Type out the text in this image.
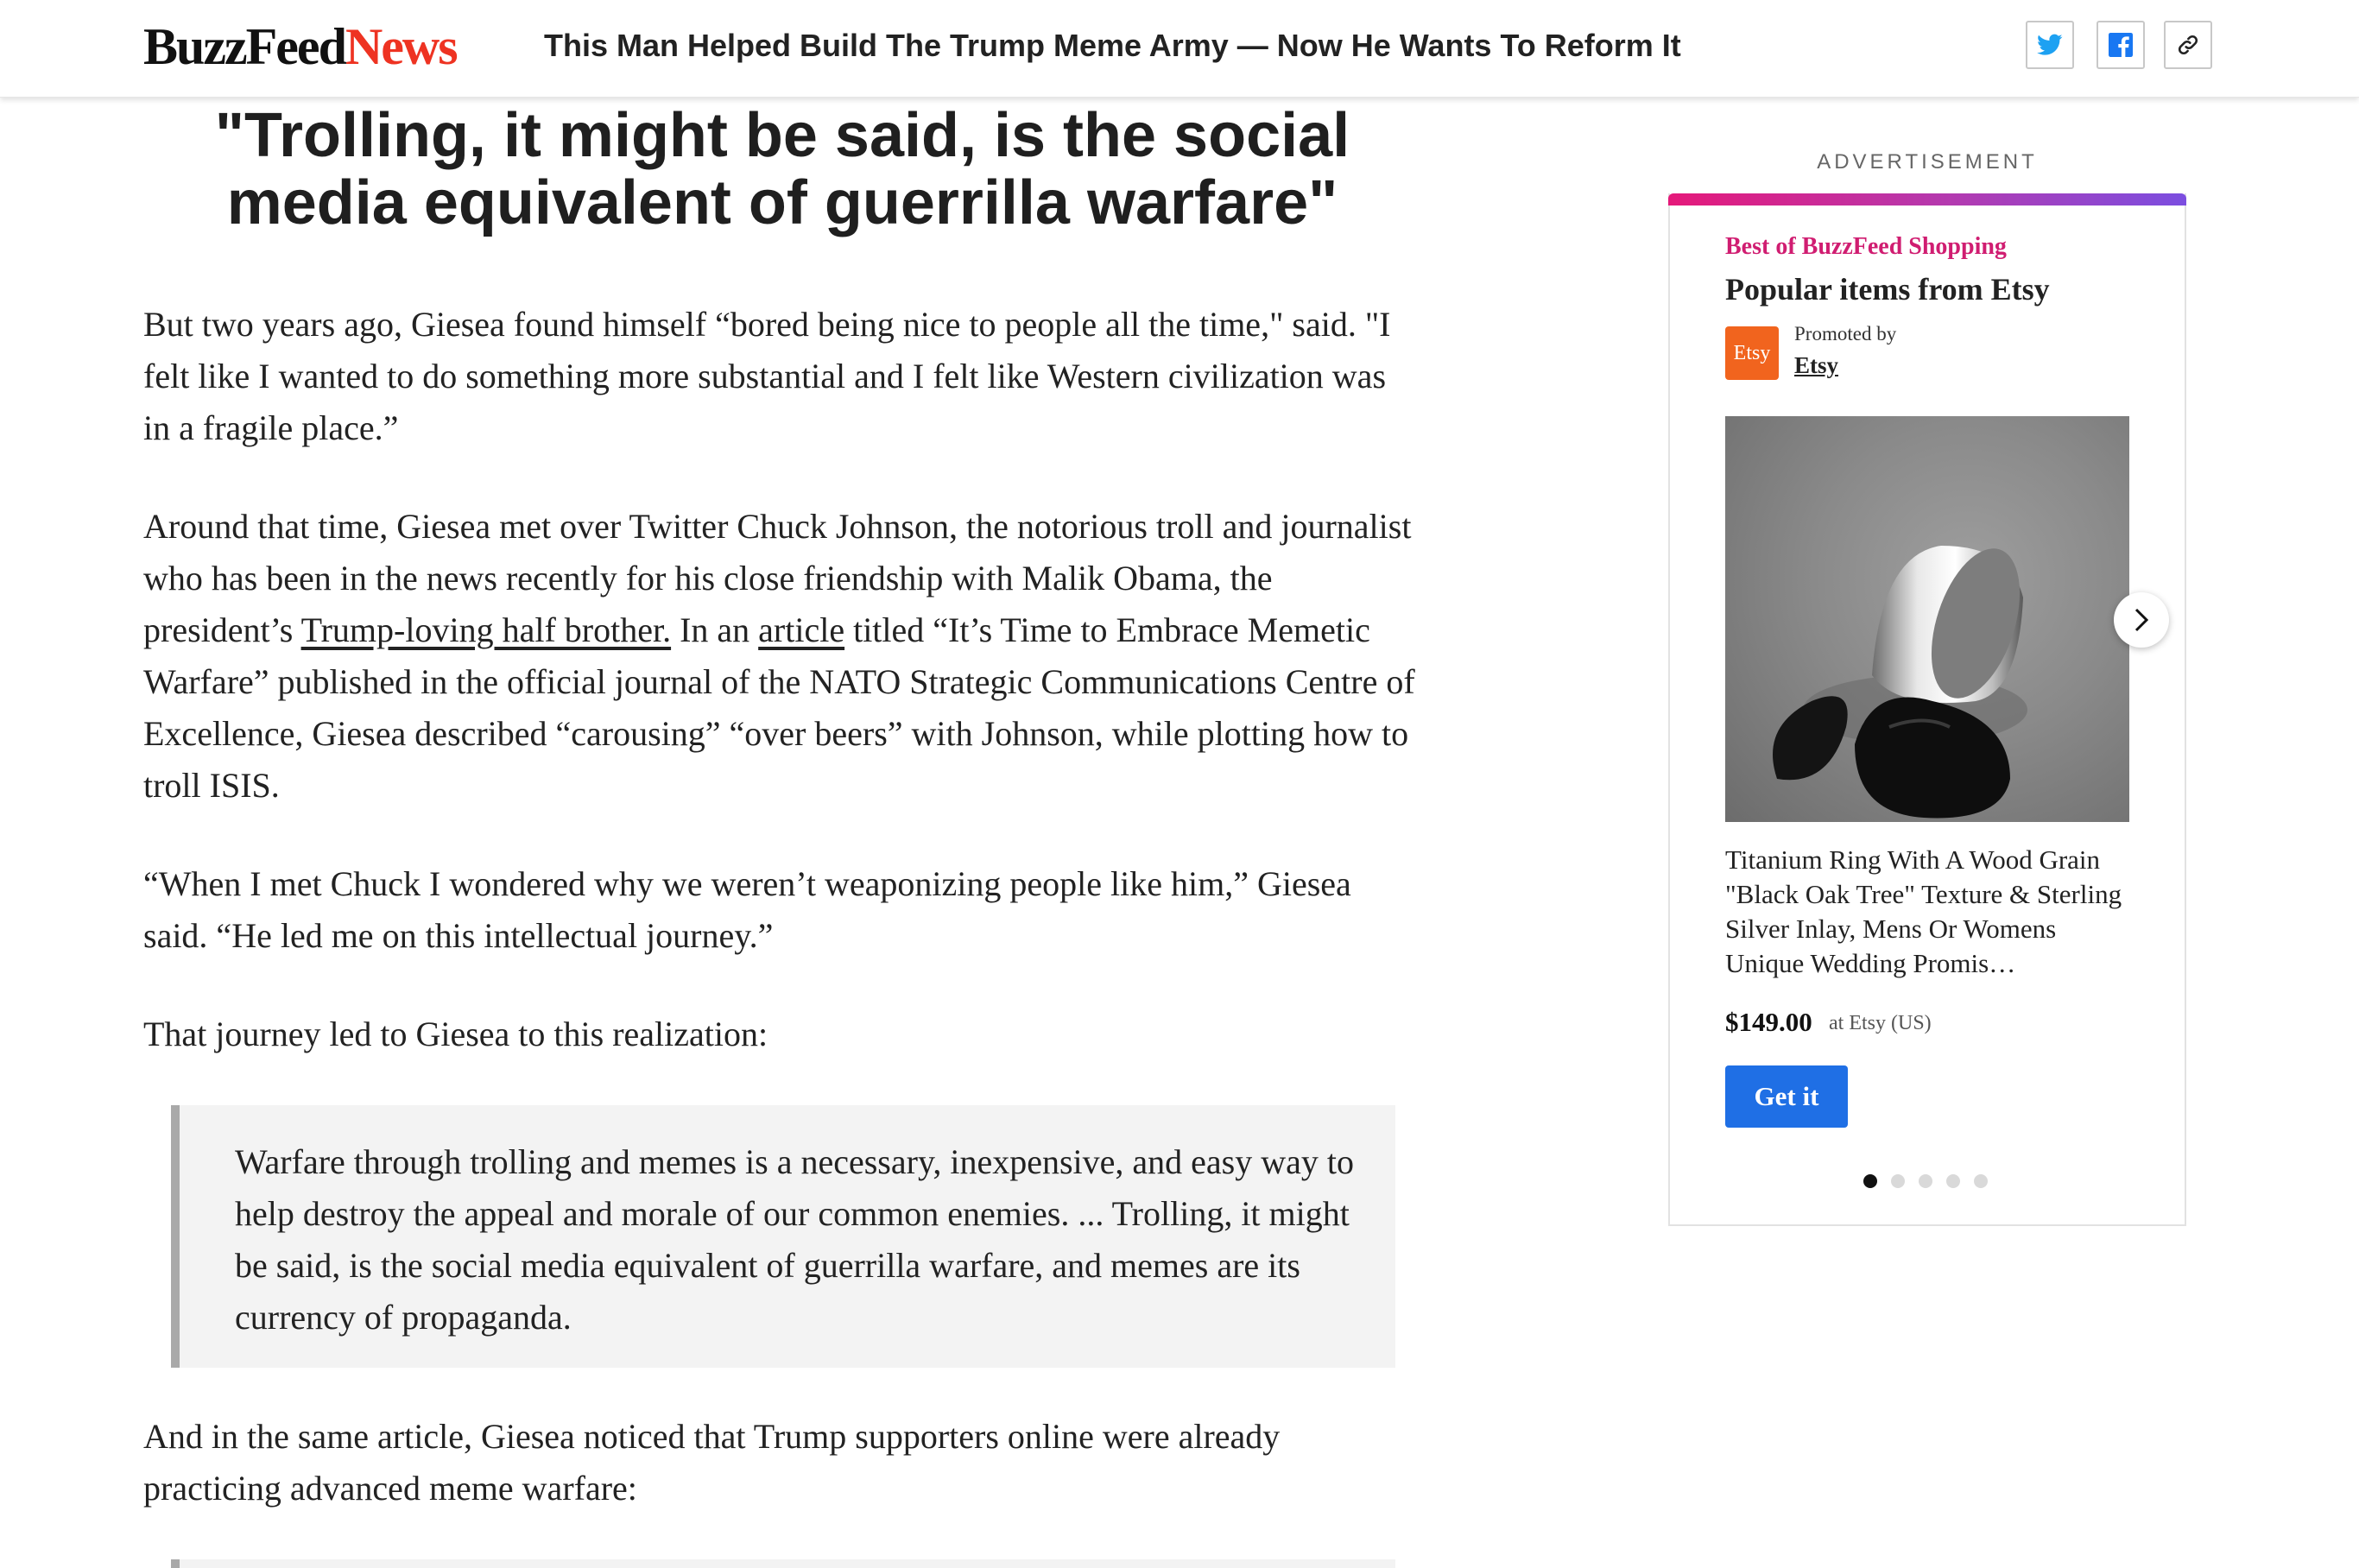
BuzzFeedNews	This Man Helped Build The Trump Meme Army — Now He Wants To Reform It
"Trolling, it might be said, is the social media equivalent of guerrilla warfare"

But two years ago, Giesea found himself “bored being nice to people all the time," said. "I felt like I wanted to do something more substantial and I felt like Western civilization was in a fragile place.”

Around that time, Giesea met over Twitter Chuck Johnson, the notorious troll and journalist who has been in the news recently for his close friendship with Malik Obama, the president’s Trump-loving half brother. In an article titled “It’s Time to Embrace Memetic Warfare” published in the official journal of the NATO Strategic Communications Centre of Excellence, Giesea described “carousing” “over beers” with Johnson, while plotting how to troll ISIS.

“When I met Chuck I wondered why we weren’t weaponizing people like him,” Giesea said. “He led me on this intellectual journey.”

That journey led to Giesea to this realization:

Warfare through trolling and memes is a necessary, inexpensive, and easy way to help destroy the appeal and morale of our common enemies. ... Trolling, it might be said, is the social media equivalent of guerrilla warfare, and memes are its currency of propaganda.

And in the same article, Giesea noticed that Trump supporters online were already practicing advanced meme warfare:

ADVERTISEMENT
Best of BuzzFeed Shopping
Popular items from Etsy
Etsy
Promoted by
Etsy
Titanium Ring With A Wood Grain "Black Oak Tree" Texture & Sterling Silver Inlay, Mens Or Womens Unique Wedding Promis…
$149.00 at Etsy (US)
Get it
